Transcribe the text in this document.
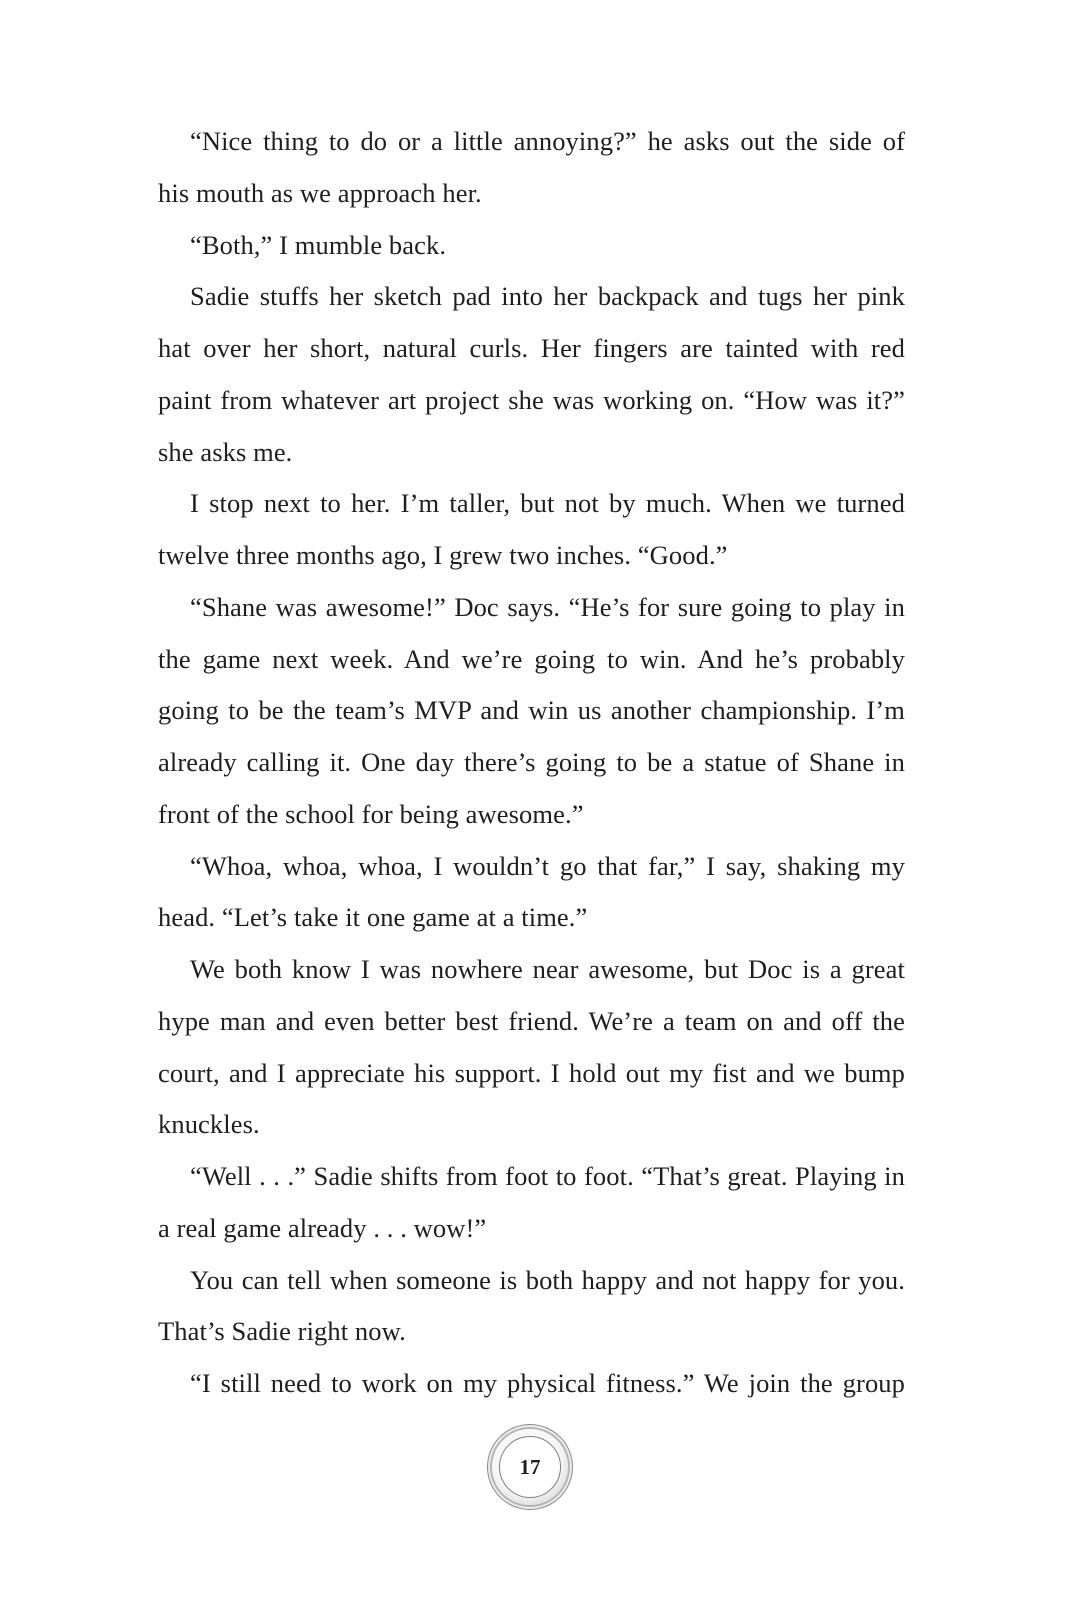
“Nice thing to do or a little annoying?” he asks out the side of
his mouth as we approach her.
“Both,” I mumble back.
Sadie stuffs her sketch pad into her backpack and tugs her pink
hat over her short, natural curls. Her fingers are tainted with red
paint from whatever art project she was working on. “How was it?”
she asks me.
I stop next to her. I’m taller, but not by much. When we turned
twelve three months ago, I grew two inches. “Good.”
“Shane was awesome!” Doc says. “He’s for sure going to play in
the game next week. And we’re going to win. And he’s probably
going to be the team’s MVP and win us another championship. I’m
already calling it. One day there’s going to be a statue of Shane in
front of the school for being awesome.”
“Whoa, whoa, whoa, I wouldn’t go that far,” I say, shaking my
head. “Let’s take it one game at a time.”
We both know I was nowhere near awesome, but Doc is a great
hype man and even better best friend. We’re a team on and off the
court, and I appreciate his support. I hold out my fist and we bump
knuckles.
“Well . . .” Sadie shifts from foot to foot. “That’s great. Playing in
a real game already . . . wow!”
You can tell when someone is both happy and not happy for you.
That’s Sadie right now.
“I still need to work on my physical fitness.” We join the group
17
